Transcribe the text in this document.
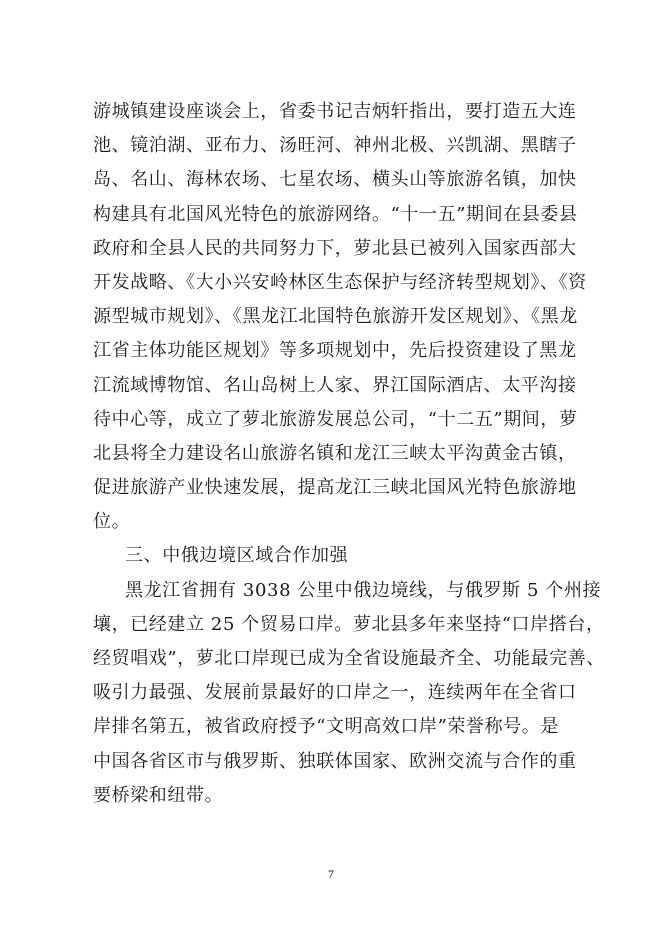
游城镇建设座谈会上，省委书记吉炳轩指出，要打造五大连
池、镜泊湖、亚布力、汤旺河、神州北极、兴凯湖、黑瞎子
岛、名山、海林农场、七星农场、横头山等旅游名镇，加快
构建具有北国风光特色的旅游网络。“十一五”期间在县委县
政府和全县人民的共同努力下，萝北县已被列入国家西部大
开发战略、《大小兴安岭林区生态保护与经济转型规划》、《资
源型城市规划》、《黑龙江北国特色旅游开发区规划》、《黑龙
江省主体功能区规划》等多项规划中，先后投资建设了黑龙
江流域博物馆、名山岛树上人家、界江国际酒店、太平沟接
待中心等，成立了萝北旅游发展总公司，“十二五”期间，萝
北县将全力建设名山旅游名镇和龙江三峡太平沟黄金古镇，
促进旅游产业快速发展，提高龙江三峡北国风光特色旅游地
位。
三、中俄边境区域合作加强
黑龙江省拥有 3038 公里中俄边境线，与俄罗斯 5 个州接
壤，已经建立 25 个贸易口岸。萝北县多年来坚持“口岸搭台，
经贸唱戏”，萝北口岸现已成为全省设施最齐全、功能最完善、
吸引力最强、发展前景最好的口岸之一，连续两年在全省口
岸排名第五，被省政府授予“文明高效口岸”荣誉称号。是
中国各省区市与俄罗斯、独联体国家、欧洲交流与合作的重
要桥梁和纽带。
7
